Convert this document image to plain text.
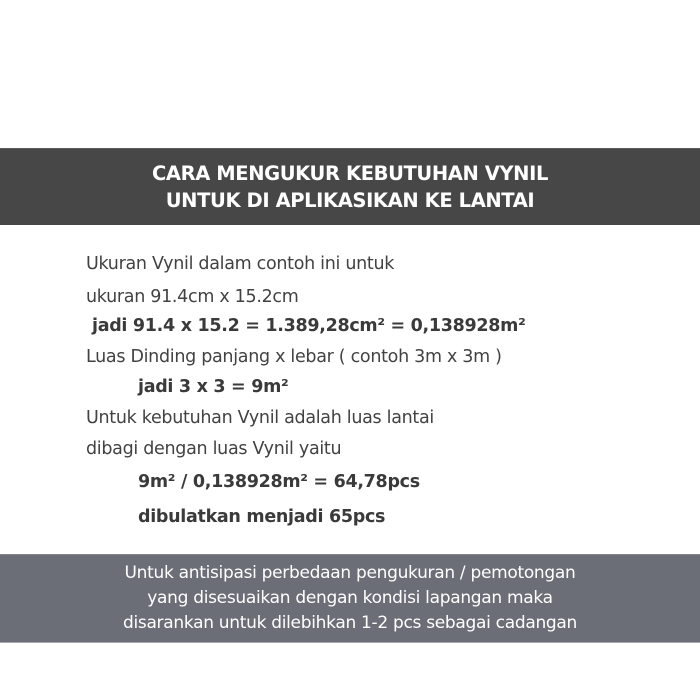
CARA MENGUKUR KEBUTUHAN VYNIL
UNTUK DI APLIKASIKAN KE LANTAI
Ukuran Vynil dalam contoh ini untuk
ukuran 91.4cm x 15.2cm
jadi 91.4 x 15.2 = 1.389,28cm² = 0,138928m²
Luas Dinding panjang x lebar ( contoh 3m x 3m )
jadi 3 x 3 = 9m²
Untuk kebutuhan Vynil adalah luas lantai
dibagi dengan luas Vynil yaitu
9m² / 0,138928m² = 64,78pcs
dibulatkan menjadi 65pcs
Untuk antisipasi perbedaan pengukuran / pemotongan
yang disesuaikan dengan kondisi lapangan maka
disarankan untuk dilebihkan 1-2 pcs sebagai cadangan
